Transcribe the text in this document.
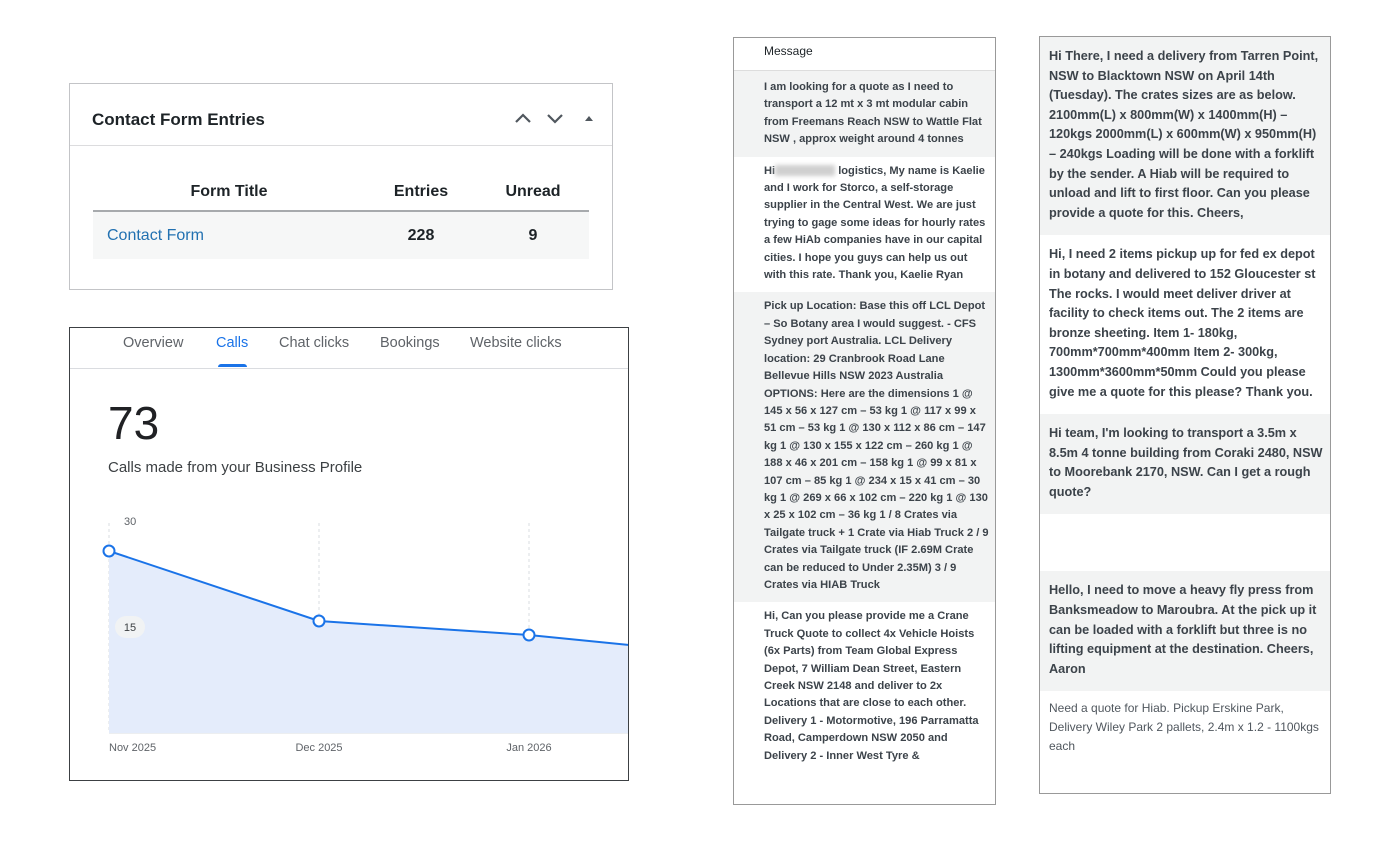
Contact Form Entries
Form Title	Entries	Unread
Contact Form	228	9
Overview Calls Chat clicks Bookings Website clicks
73
Calls made from your Business Profile
30
15
Nov 2025	Dec 2025	Jan 2026
Message
I am looking for a quote as I need to transport a 12 mt x 3 mt modular cabin from Freemans Reach NSW to Wattle Flat NSW , approx weight around 4 tonnes
Hi	logistics, My name is Kaelie and I work for Storco, a self-storage supplier in the Central West. We are just trying to gage some ideas for hourly rates a few HiAb companies have in our capital cities. I hope you guys can help us out with this rate. Thank you, Kaelie Ryan
Pick up Location: Base this off LCL Depot – So Botany area I would suggest. - CFS Sydney port Australia. LCL Delivery location: 29 Cranbrook Road Lane Bellevue Hills NSW 2023 Australia OPTIONS: Here are the dimensions 1 @ 145 x 56 x 127 cm – 53 kg 1 @ 117 x 99 x 51 cm – 53 kg 1 @ 130 x 112 x 86 cm – 147 kg 1 @ 130 x 155 x 122 cm – 260 kg 1 @ 188 x 46 x 201 cm – 158 kg 1 @ 99 x 81 x 107 cm – 85 kg 1 @ 234 x 15 x 41 cm – 30 kg 1 @ 269 x 66 x 102 cm – 220 kg 1 @ 130 x 25 x 102 cm – 36 kg 1 / 8 Crates via Tailgate truck + 1 Crate via Hiab Truck 2 / 9 Crates via Tailgate truck (IF 2.69M Crate can be reduced to Under 2.35M) 3 / 9 Crates via HIAB Truck
Hi, Can you please provide me a Crane Truck Quote to collect 4x Vehicle Hoists (6x Parts) from Team Global Express Depot, 7 William Dean Street, Eastern Creek NSW 2148 and deliver to 2x Locations that are close to each other. Delivery 1 - Motormotive, 196 Parramatta Road, Camperdown NSW 2050 and Delivery 2 - Inner West Tyre &
Hi There, I need a delivery from Tarren Point, NSW to Blacktown NSW on April 14th (Tuesday). The crates sizes are as below. 2100mm(L) x 800mm(W) x 1400mm(H) – 120kgs 2000mm(L) x 600mm(W) x 950mm(H) – 240kgs Loading will be done with a forklift by the sender. A Hiab will be required to unload and lift to first floor. Can you please provide a quote for this. Cheers,
Hi, I need 2 items pickup up for fed ex depot in botany and delivered to 152 Gloucester st The rocks. I would meet deliver driver at facility to check items out. The 2 items are bronze sheeting. Item 1- 180kg, 700mm*700mm*400mm Item 2- 300kg, 1300mm*3600mm*50mm Could you please give me a quote for this please? Thank you.
Hi team, I'm looking to transport a 3.5m x 8.5m 4 tonne building from Coraki 2480, NSW to Moorebank 2170, NSW. Can I get a rough quote?
Hello, I need to move a heavy fly press from Banksmeadow to Maroubra. At the pick up it can be loaded with a forklift but three is no lifting equipment at the destination. Cheers, Aaron
Need a quote for Hiab. Pickup Erskine Park, Delivery Wiley Park 2 pallets, 2.4m x 1.2 - 1100kgs each
